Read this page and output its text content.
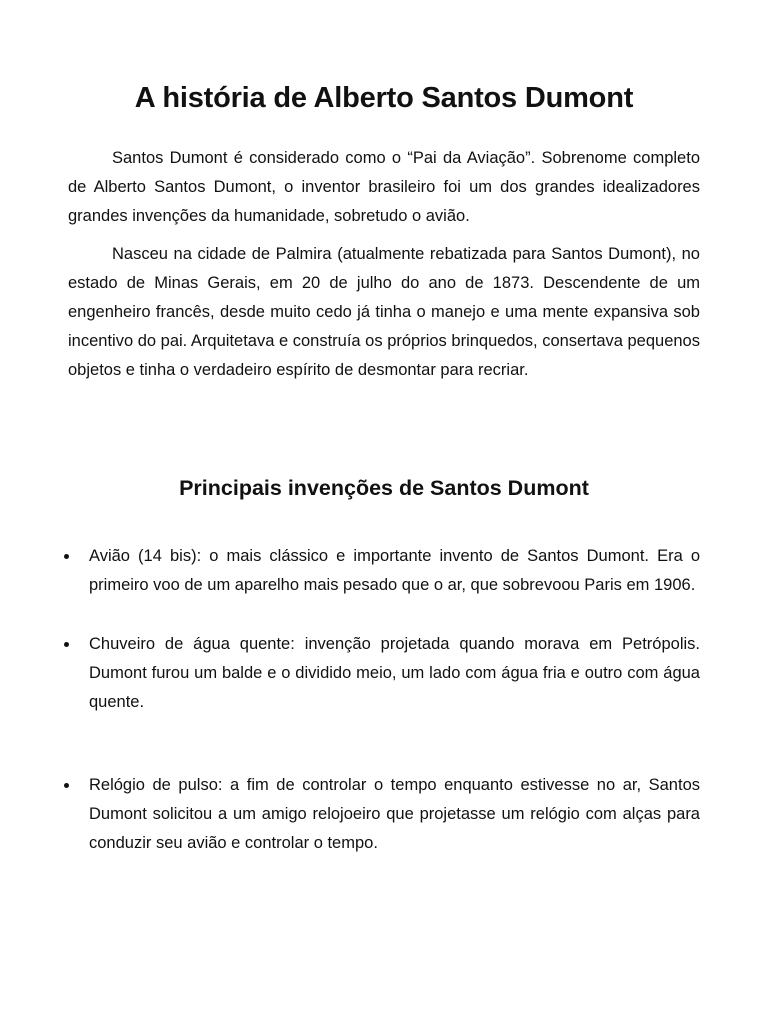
A história de Alberto Santos Dumont

Santos Dumont é considerado como o “Pai da Aviação”. Sobrenome completo de Alberto Santos Dumont, o inventor brasileiro foi um dos grandes idealizadores grandes invenções da humanidade, sobretudo o avião.

Nasceu na cidade de Palmira (atualmente rebatizada para Santos Dumont), no estado de Minas Gerais, em 20 de julho do ano de 1873. Descendente de um engenheiro francês, desde muito cedo já tinha o manejo e uma mente expansiva sob incentivo do pai. Arquitetava e construía os próprios brinquedos, consertava pequenos objetos e tinha o verdadeiro espírito de desmontar para recriar.

Principais invenções de Santos Dumont

Avião (14 bis): o mais clássico e importante invento de Santos Dumont. Era o primeiro voo de um aparelho mais pesado que o ar, que sobrevoou Paris em 1906.

Chuveiro de água quente: invenção projetada quando morava em Petrópolis. Dumont furou um balde e o dividido meio, um lado com água fria e outro com água quente.

Relógio de pulso: a fim de controlar o tempo enquanto estivesse no ar, Santos Dumont solicitou a um amigo relojoeiro que projetasse um relógio com alças para conduzir seu avião e controlar o tempo.
